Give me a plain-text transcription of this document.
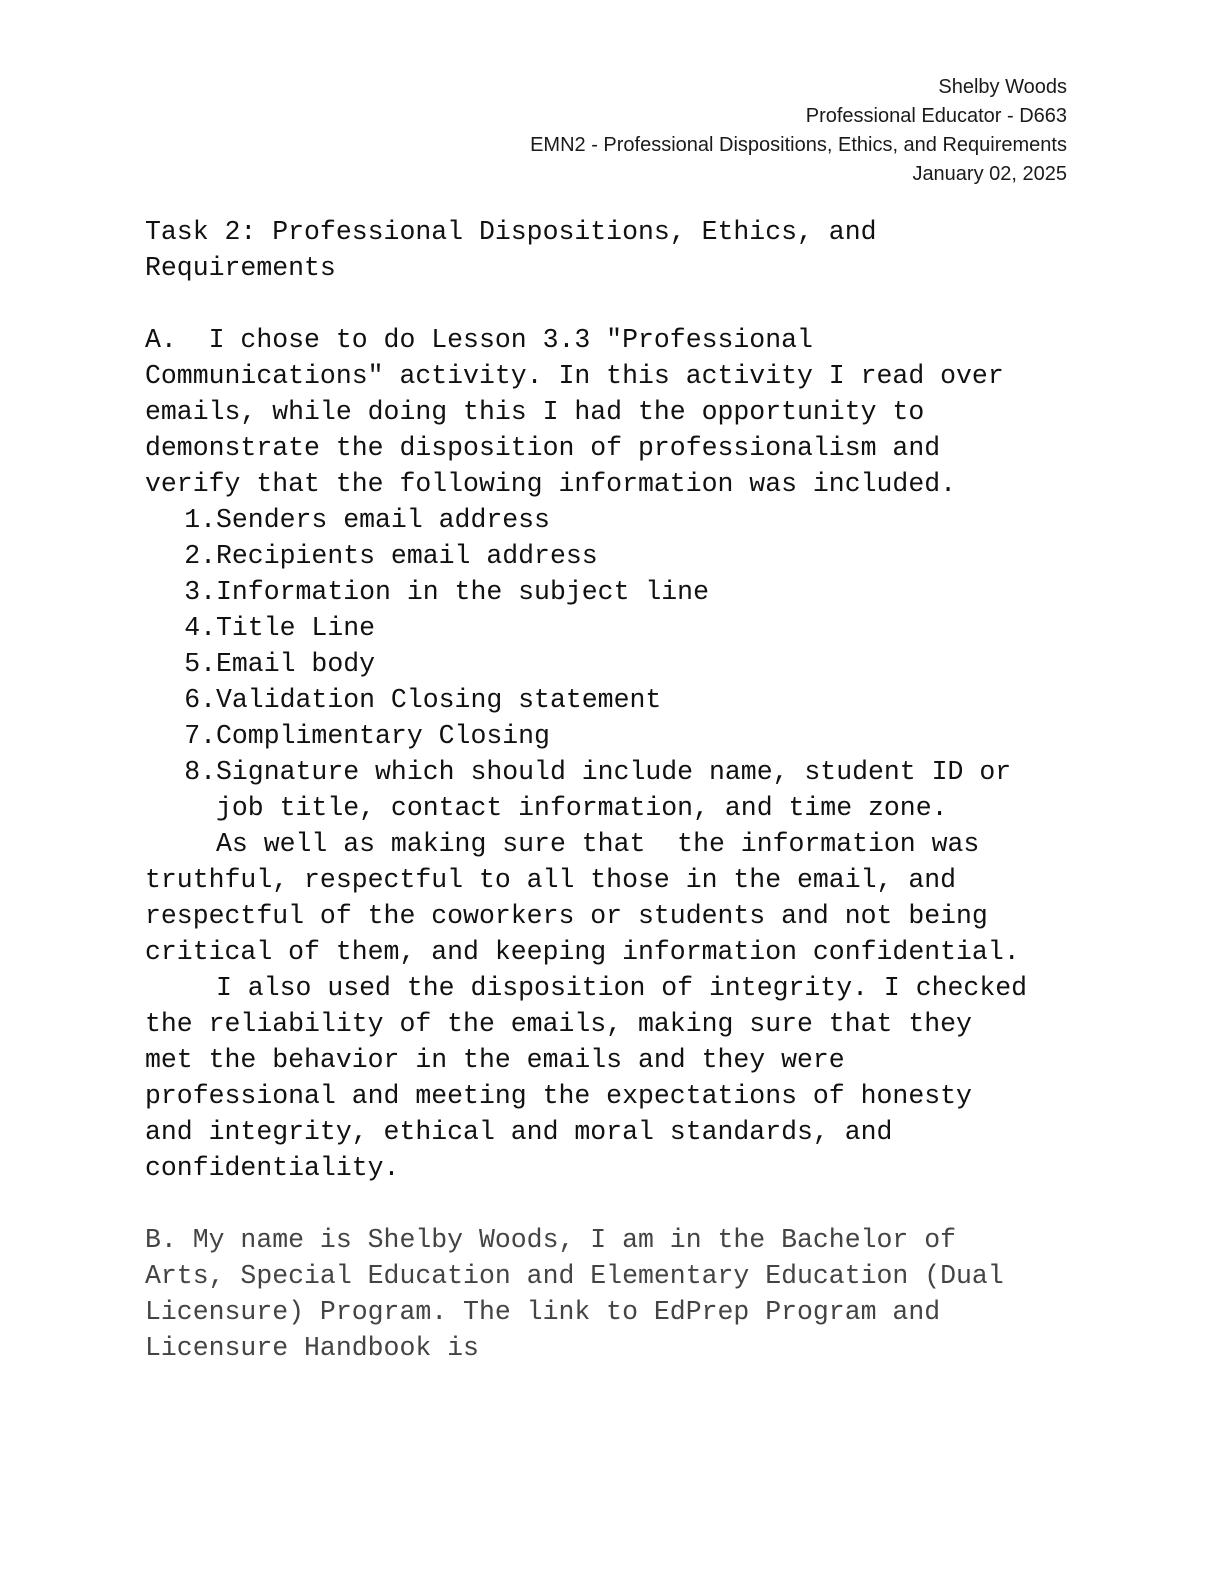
Shelby Woods
Professional Educator - D663
EMN2 - Professional Dispositions, Ethics, and Requirements
January 02, 2025
Task 2: Professional Dispositions, Ethics, and
Requirements
A.  I chose to do Lesson 3.3 "Professional
Communications" activity. In this activity I read over
emails, while doing this I had the opportunity to
demonstrate the disposition of professionalism and
verify that the following information was included.
1. Senders email address
2. Recipients email address
3. Information in the subject line
4. Title Line
5. Email body
6. Validation Closing statement
7. Complimentary Closing
8. Signature which should include name, student ID or
job title, contact information, and time zone.
As well as making sure that  the information was
truthful, respectful to all those in the email, and
respectful of the coworkers or students and not being
critical of them, and keeping information confidential.
I also used the disposition of integrity. I checked
the reliability of the emails, making sure that they
met the behavior in the emails and they were
professional and meeting the expectations of honesty
and integrity, ethical and moral standards, and
confidentiality.
B. My name is Shelby Woods, I am in the Bachelor of
Arts, Special Education and Elementary Education (Dual
Licensure) Program. The link to EdPrep Program and
Licensure Handbook is
